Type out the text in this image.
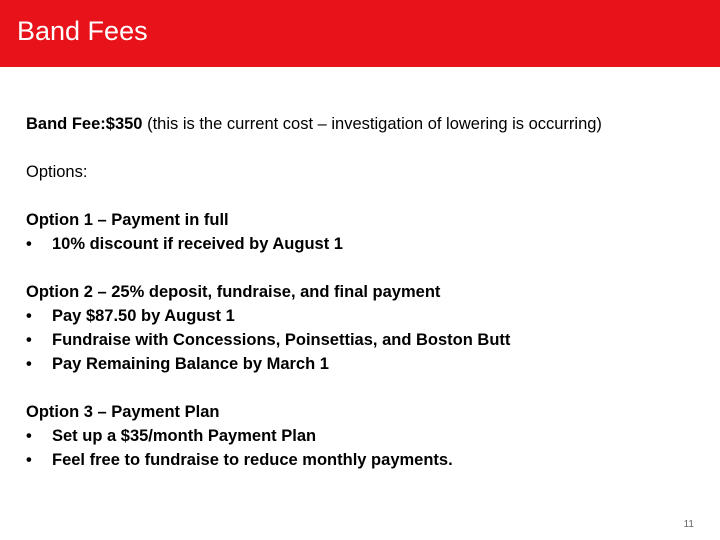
Band Fees
Band Fee:$350 (this is the current cost – investigation of lowering is occurring)
Options:
Option 1 – Payment in full
• 10% discount if received by August 1
Option 2 – 25% deposit, fundraise, and final payment
• Pay $87.50 by August 1
• Fundraise with Concessions, Poinsettias, and Boston Butt
• Pay Remaining Balance by March 1
Option 3 – Payment Plan
• Set up a $35/month Payment Plan
• Feel free to fundraise to reduce monthly payments.
11
